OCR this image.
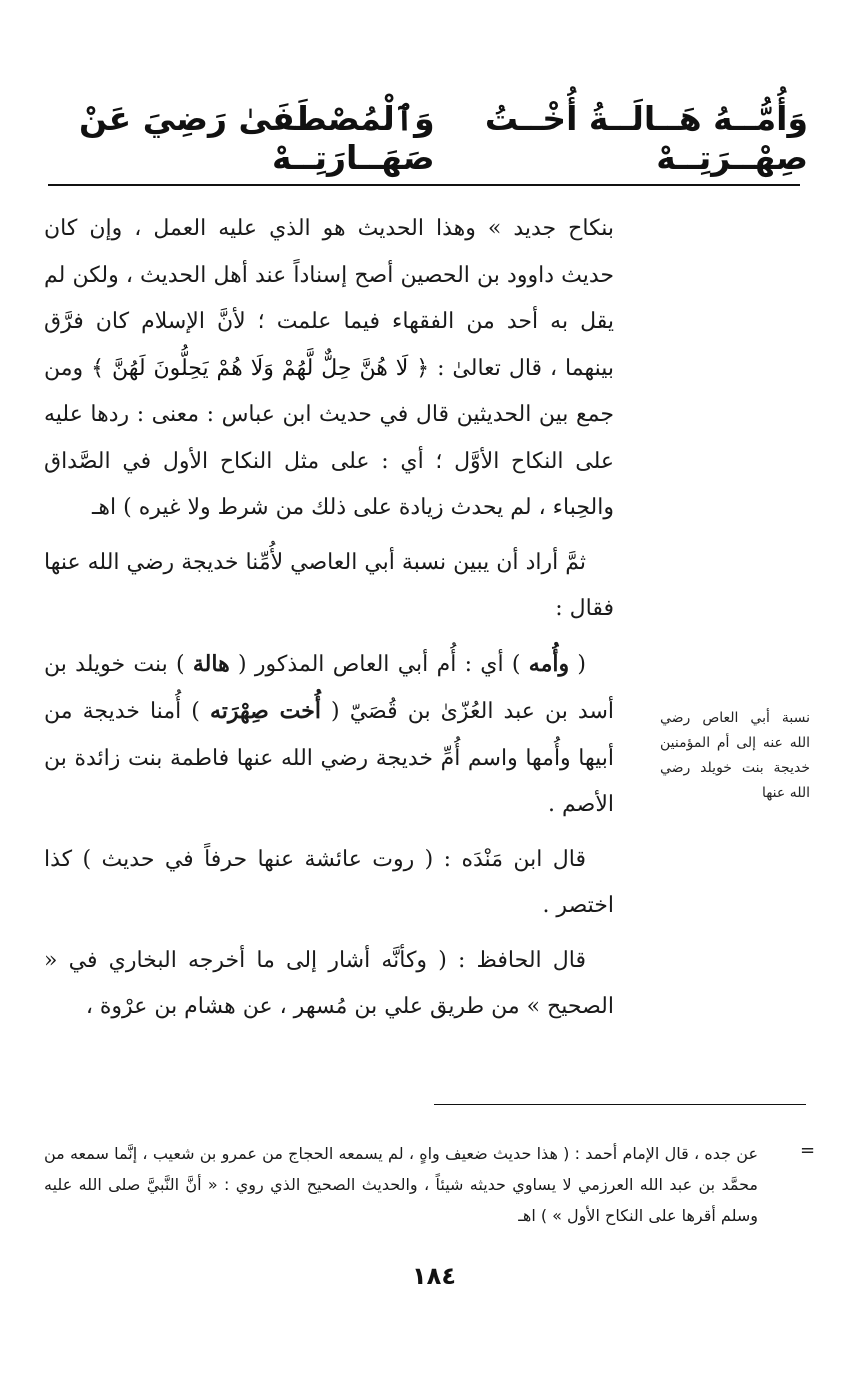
وَأُمُّــهُ هَــالَــةُ أُخْــتُ صِهْــرَتِــهْ
وَٱلْمُصْطَفَىٰ رَضِيَ عَنْ صَهَــارَتِــهْ

بنكاح جديد » وهذا الحديث هو الذي عليه العمل ، وإن كان حديث داوود بن الحصين أصح إسناداً عند أهل الحديث ، ولكن لم يقل به أحد من الفقهاء فيما علمت ؛ لأنَّ الإسلام كان فرَّق بينهما ، قال تعالىٰ : ﴿ لَا هُنَّ حِلٌّ لَّهُمْ وَلَا هُمْ يَحِلُّونَ لَهُنَّ ﴾ ومن جمع بين الحديثين قال في حديث ابن عباس : معنى : ردها عليه على النكاح الأوَّل ؛ أي : على مثل النكاح الأول في الصَّداق والحِباء ، لم يحدث زيادة على ذلك من شرط ولا غيره ) اهـ

ثمَّ أراد أن يبين نسبة أبي العاصي لأُمِّنا خديجة رضي الله عنها فقال :

( وأُمه ) أي : أُم أبي العاص المذكور ( هالة ) بنت خويلد بن أسد بن عبد العُزّىٰ بن قُصَيّ ( أُخت صِهْرَته ) أُمنا خديجة من أبيها وأُمها واسم أُمِّ خديجة رضي الله عنها فاطمة بنت زائدة بن الأصم .

قال ابن مَنْدَه : ( روت عائشة عنها حرفاً في حديث ) كذا اختصر .

قال الحافظ : ( وكأنَّه أشار إلى ما أخرجه البخاري في « الصحيح » من طريق علي بن مُسهر ، عن هشام بن عرْوة ،

نسبة أبي العاص رضي الله عنه إلى أم المؤمنين خديجة بنت خويلد رضي الله عنها
=
عن جده ، قال الإمام أحمد : ( هذا حديث ضعيف واهٍ ، لم يسمعه الحجاج من عمرو بن شعيب ، إنَّما سمعه من محمَّد بن عبد الله العرزمي لا يساوي حديثه شيئاً ، والحديث الصحيح الذي روي : « أنَّ النَّبيَّ صلى الله عليه وسلم أقرها على النكاح الأول » ) اهـ
١٨٤
